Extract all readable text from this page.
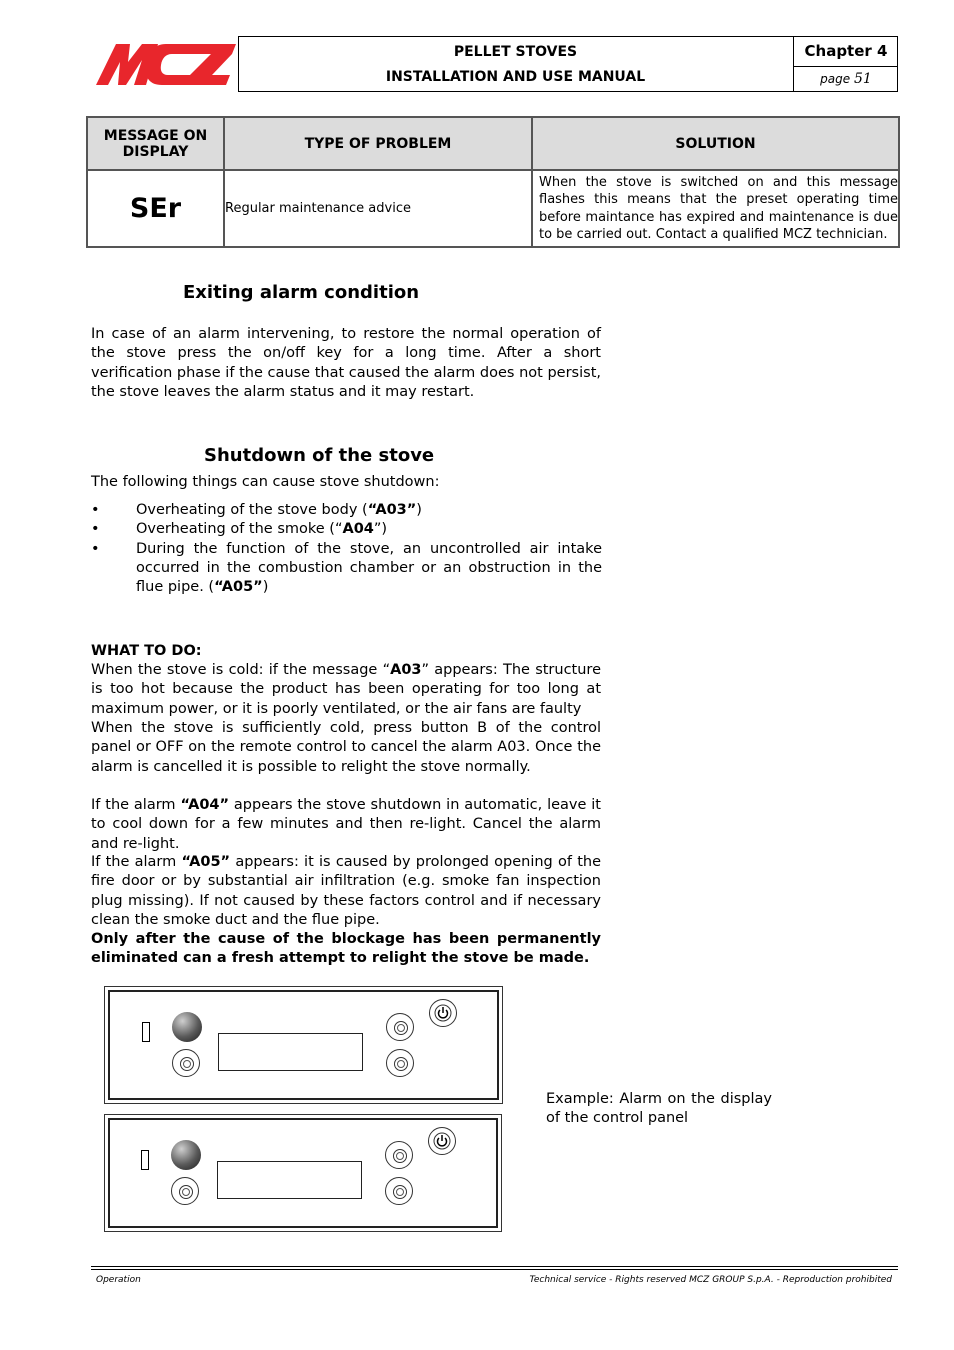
PELLET STOVES
INSTALLATION AND USE MANUAL
Chapter 4
page 51
MESSAGE ON DISPLAY	TYPE OF PROBLEM	SOLUTION
SEr	Regular maintenance advice	When the stove is switched on and this message flashes this means that the preset operating time before maintance has expired and maintenance is due to be carried out. Contact a qualified MCZ technician.
Exiting alarm condition
In case of an alarm intervening, to restore the normal operation of the stove press the on/off key for a long time. After a short verification phase if the cause that caused the alarm does not persist, the stove leaves the alarm status and it may restart.
Shutdown of the stove
The following things can cause stove shutdown:
• Overheating of the stove body (“A03”)
• Overheating of the smoke (“A04”)
• During the function of the stove, an uncontrolled air intake occurred in the combustion chamber or an obstruction in the flue pipe. (“A05”)
WHAT TO DO:
When the stove is cold: if the message “A03” appears: The structure is too hot because the product has been operating for too long at maximum power, or it is poorly ventilated, or the air fans are faulty
When the stove is sufficiently cold, press button B of the control panel or OFF on the remote control to cancel the alarm A03. Once the alarm is cancelled it is possible to relight the stove normally.
If the alarm “A04” appears the stove shutdown in automatic, leave it to cool down for a few minutes and then re-light. Cancel the alarm and re-light.
If the alarm “A05” appears: it is caused by prolonged opening of the fire door or by substantial air infiltration (e.g. smoke fan inspection plug missing). If not caused by these factors control and if necessary clean the smoke duct and the flue pipe.
Only after the cause of the blockage has been permanently eliminated can a fresh attempt to relight the stove be made.
Example: Alarm on the display of the control panel
Operation	Technical service - Rights reserved MCZ GROUP S.p.A. - Reproduction prohibited
